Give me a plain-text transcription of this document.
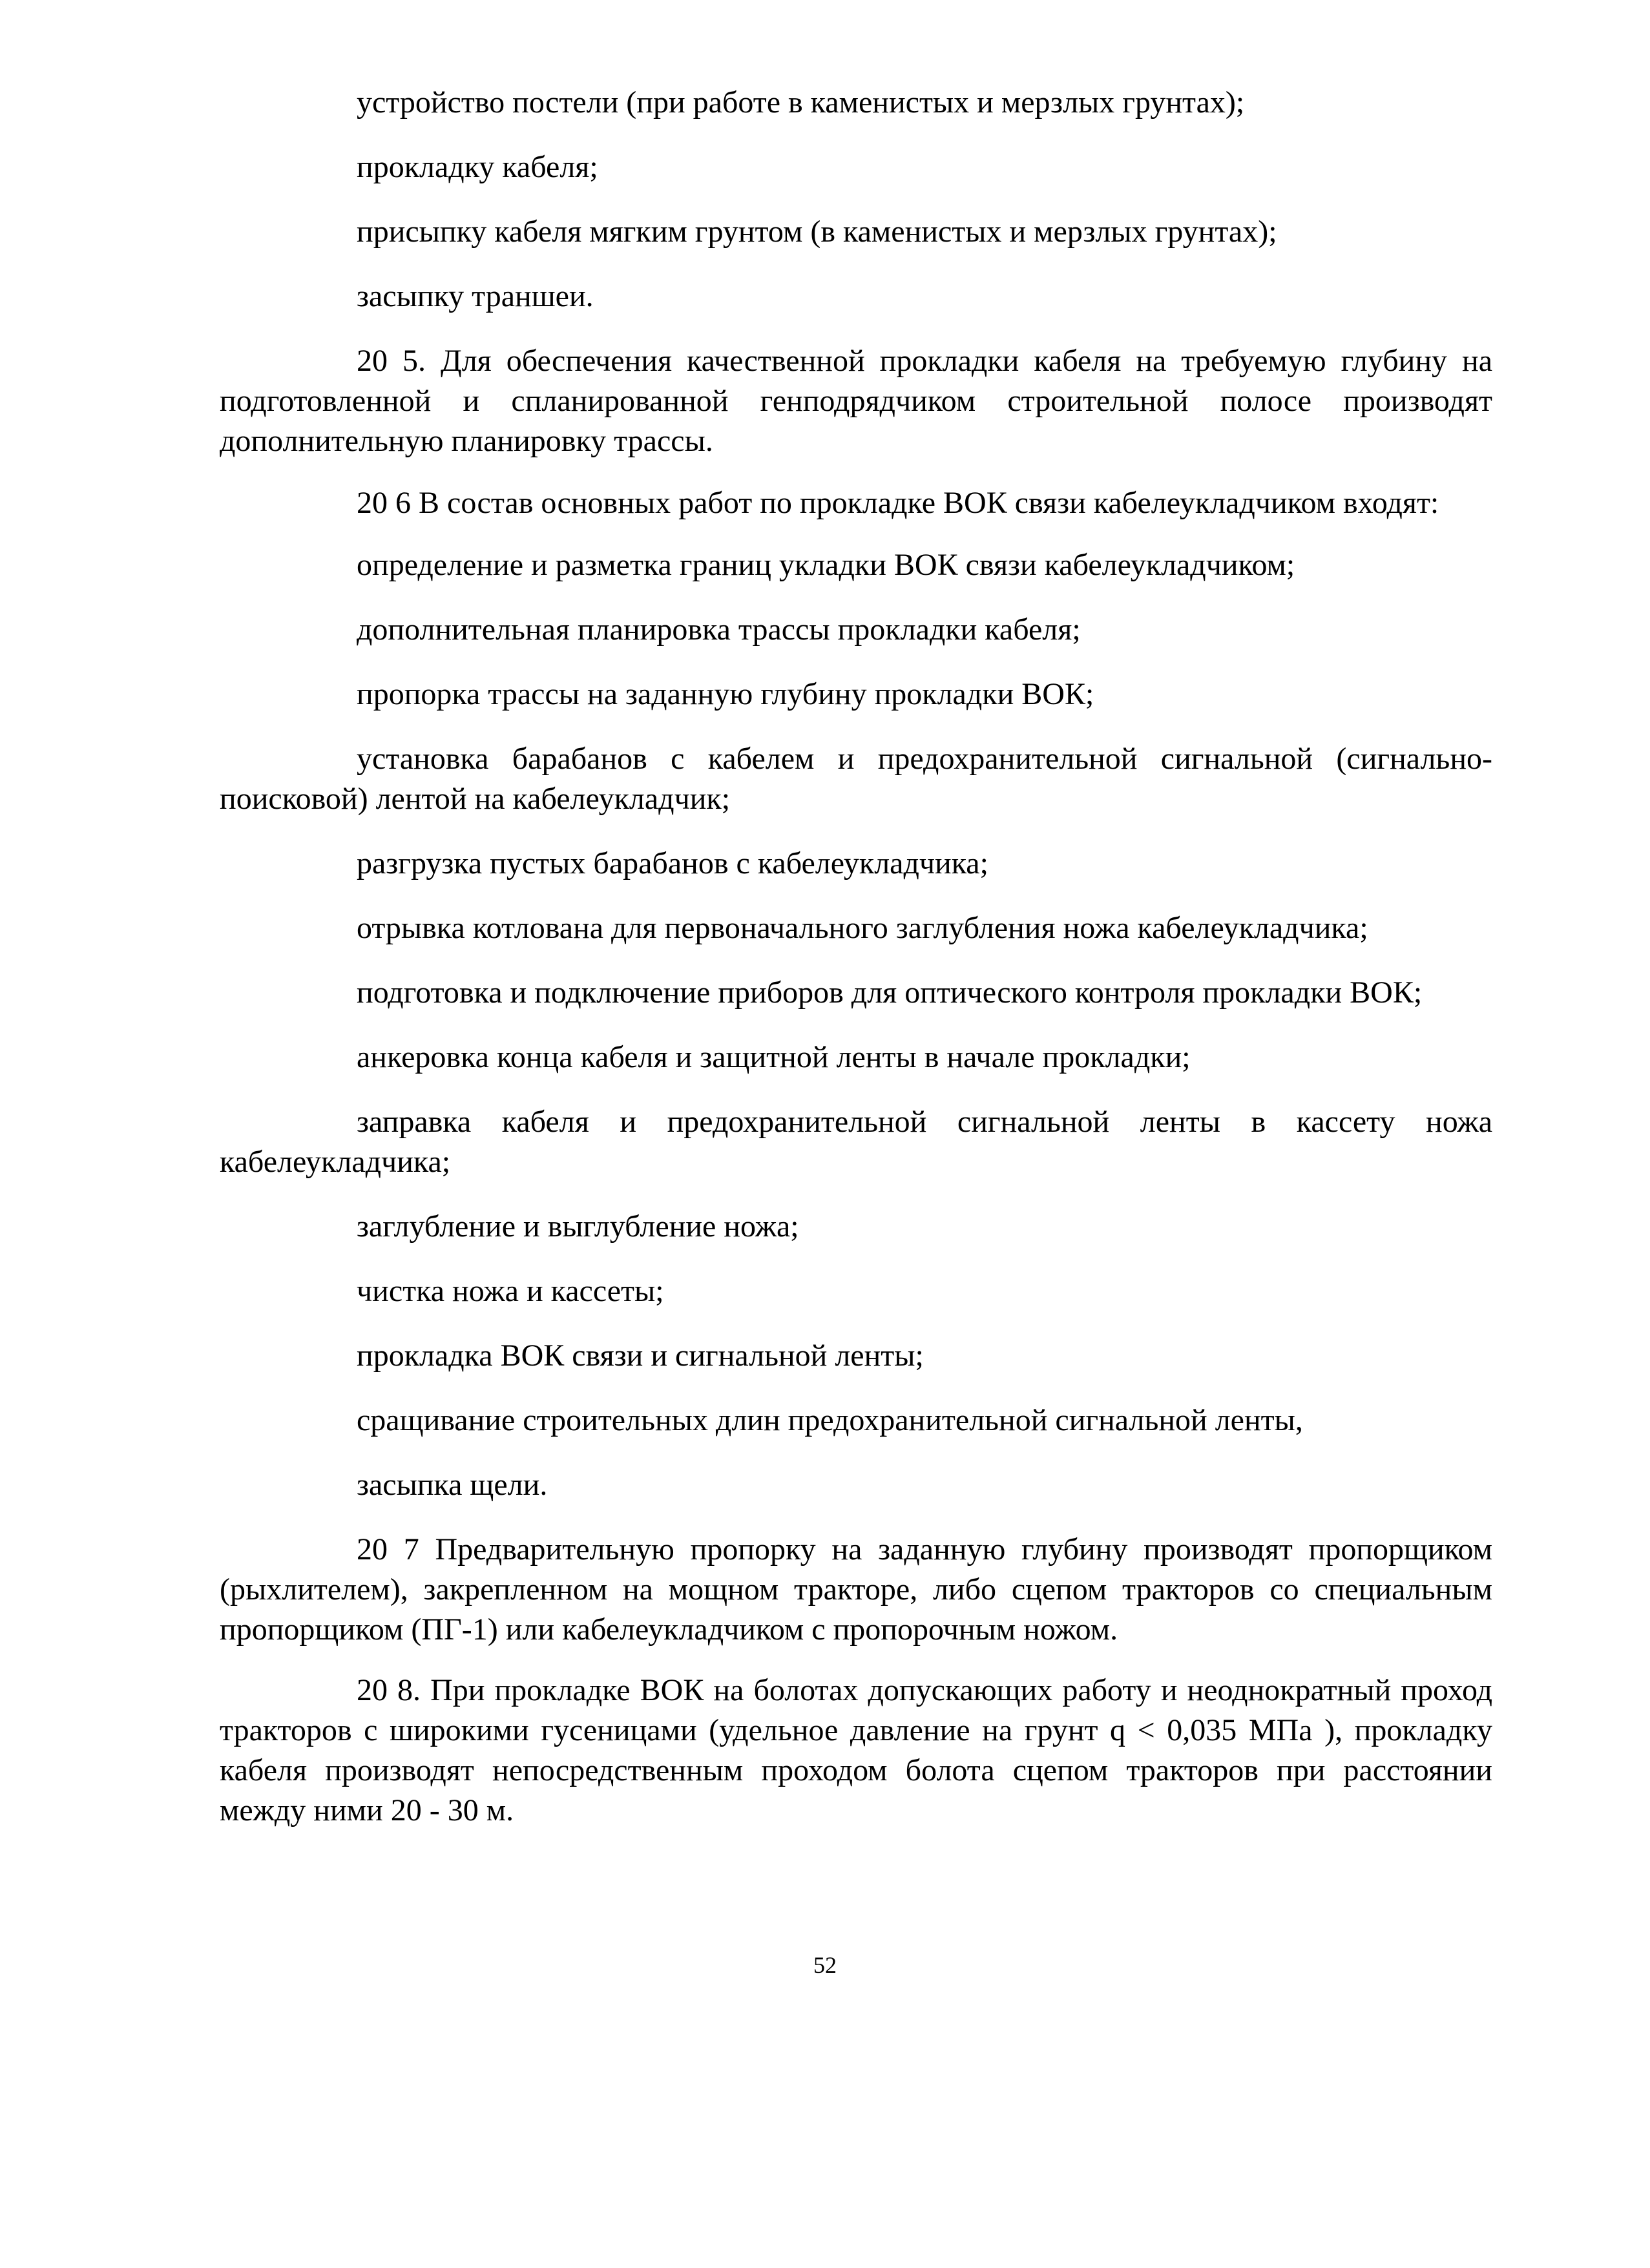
устройство постели (при работе в каменистых и мерзлых грунтах);

прокладку кабеля;

присыпку кабеля мягким грунтом (в каменистых и мерзлых грунтах);

засыпку траншеи.

20 5. Для обеспечения качественной прокладки кабеля на требуемую глубину на подготовленной и спланированной генподрядчиком строительной полосе производят дополнительную планировку трассы.

20 6 В состав основных работ по прокладке ВОК связи кабелеукладчиком входят:

определение и разметка границ укладки ВОК связи кабелеукладчиком;

дополнительная планировка трассы прокладки кабеля;

пропорка трассы на заданную глубину прокладки ВОК;

установка барабанов с кабелем и предохранительной сигнальной (сигнально-поисковой) лентой на кабелеукладчик;

разгрузка пустых барабанов с кабелеукладчика;

отрывка котлована для первоначального заглубления ножа кабелеукладчика;

подготовка и подключение приборов для оптического контроля прокладки ВОК;

анкеровка конца кабеля и защитной ленты в начале прокладки;

заправка кабеля и предохранительной сигнальной ленты в кассету ножа кабелеукладчика;

заглубление и выглубление ножа;

чистка ножа и кассеты;

прокладка ВОК связи и сигнальной ленты;

сращивание строительных длин предохранительной сигнальной ленты,

засыпка щели.

20 7 Предварительную пропорку на заданную глубину производят пропорщиком (рыхлителем), закрепленном на мощном тракторе, либо сцепом тракторов со специальным пропорщиком (ПГ-1) или кабелеукладчиком с пропорочным ножом.

20 8. При прокладке ВОК на болотах допускающих работу и неоднократный проход тракторов с широкими гусеницами (удельное давление на грунт q < 0,035 МПа ), прокладку кабеля производят непосредственным проходом болота сцепом тракторов при расстоянии между ними 20 - 30 м.

52
